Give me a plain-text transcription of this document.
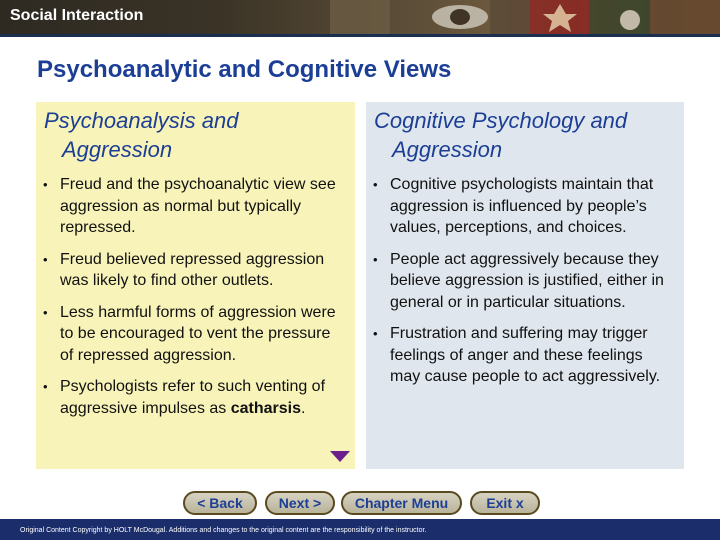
Social Interaction
Psychoanalytic and Cognitive Views
Psychoanalysis and
Aggression
• Freud and the psychoanalytic view see aggression as normal but typically repressed.
• Freud believed repressed aggression was likely to find other outlets.
• Less harmful forms of aggression were to be encouraged to vent the pressure of repressed aggression.
• Psychologists refer to such venting of aggressive impulses as catharsis.
Cognitive Psychology and
Aggression
• Cognitive psychologists maintain that aggression is influenced by people’s values, perceptions, and choices.
• People act aggressively because they believe aggression is justified, either in general or in particular situations.
• Frustration and suffering may trigger feelings of anger and these feelings may cause people to act aggressively.
< Back	Next >	Chapter Menu	Exit x
Original Content Copyright by HOLT McDougal. Additions and changes to the original content are the responsibility of the instructor.
